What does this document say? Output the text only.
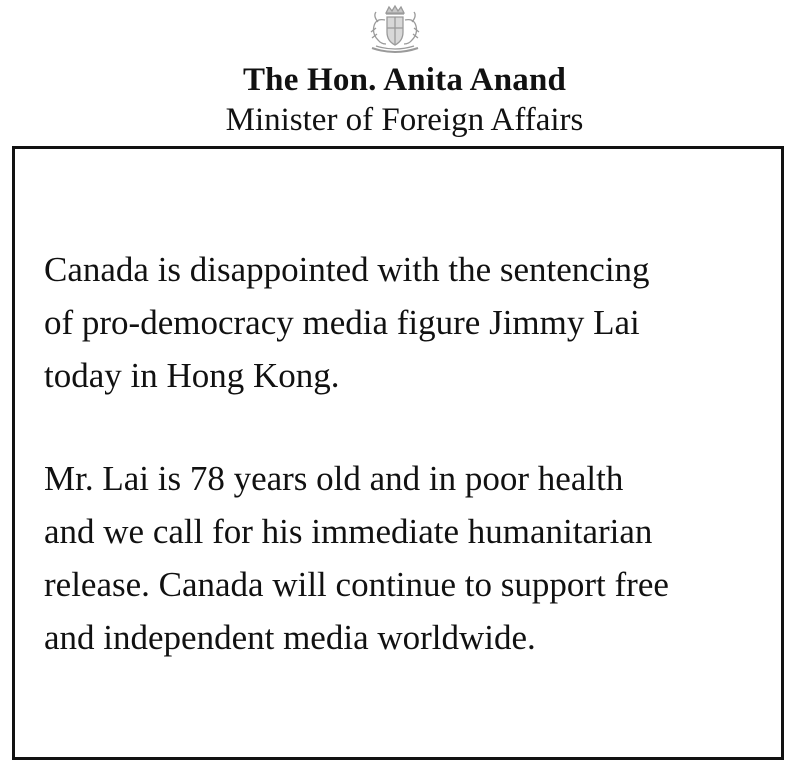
The Hon. Anita Anand
Minister of Foreign Affairs

Canada is disappointed with the sentencing
of pro-democracy media figure Jimmy Lai
today in Hong Kong.

Mr. Lai is 78 years old and in poor health
and we call for his immediate humanitarian
release. Canada will continue to support free
and independent media worldwide.
